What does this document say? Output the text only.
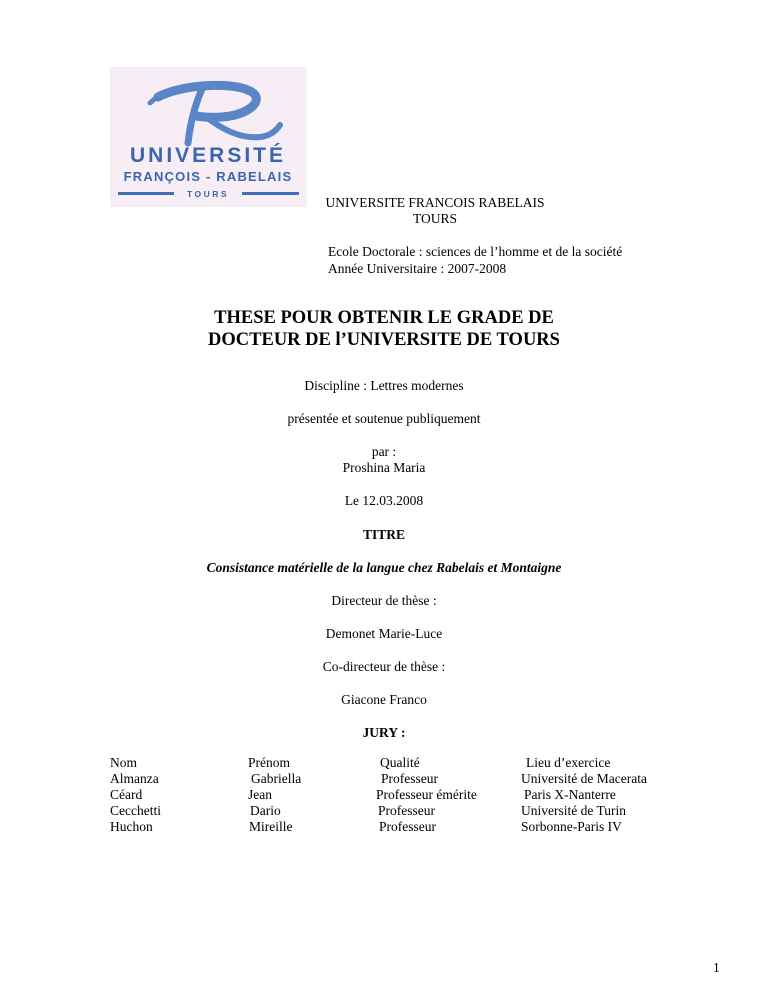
UNIVERSITÉ
FRANÇOIS - RABELAIS
TOURS
UNIVERSITE FRANCOIS RABELAIS
TOURS
Ecole Doctorale : sciences de l’homme et de la société
Année Universitaire : 2007-2008
THESE POUR OBTENIR LE GRADE DE
DOCTEUR DE l’UNIVERSITE DE TOURS
Discipline : Lettres modernes
présentée et soutenue publiquement
par :
Proshina Maria
Le 12.03.2008
TITRE
Consistance matérielle de la langue chez Rabelais et Montaigne
Directeur de thèse :
Demonet Marie-Luce
Co-directeur de thèse :
Giacone Franco
JURY :
Nom
Almanza
Céard
Cecchetti
Huchon
Prénom
Gabriella
Jean
Dario
Mireille
Qualité
Professeur
Professeur émérite
Professeur
Professeur
Lieu d’exercice
Université de Macerata
Paris X-Nanterre
Université de Turin
Sorbonne-Paris IV
1
